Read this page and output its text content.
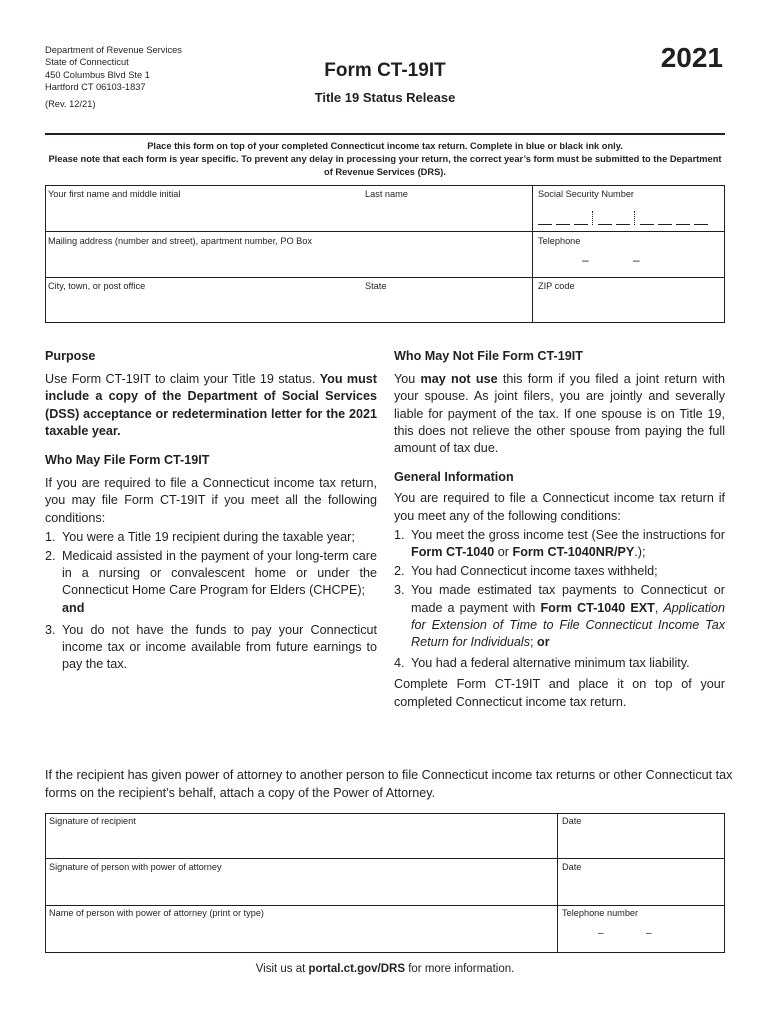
Department of Revenue Services
State of Connecticut
450 Columbus Blvd Ste 1
Hartford CT 06103-1837
(Rev. 12/21)
Form CT-19IT
Title 19 Status Release
2021
Place this form on top of your completed Connecticut income tax return. Complete in blue or black ink only.
Please note that each form is year specific. To prevent any delay in processing your return, the correct year’s form must be submitted to the Department of Revenue Services (DRS).
Your first name and middle initial	Last name	Social Security Number
Mailing address (number and street), apartment number, PO Box	Telephone
–	–
City, town, or post office	State	ZIP code
Purpose

Use Form CT-19IT to claim your Title 19 status. You must include a copy of the Department of Social Services (DSS) acceptance or redetermination letter for the 2021 taxable year.

Who May File Form CT-19IT

If you are required to file a Connecticut income tax return, you may file Form CT-19IT if you meet all the following conditions:

1. You were a Title 19 recipient during the taxable year;
2. Medicaid assisted in the payment of your long-term care in a nursing or convalescent home or under the Connecticut Home Care Program for Elders (CHCPE);
and
3. You do not have the funds to pay your Connecticut income tax or income available from future earnings to pay the tax.
Who May Not File Form CT-19IT

You may not use this form if you filed a joint return with your spouse. As joint filers, you are jointly and severally liable for payment of the tax. If one spouse is on Title 19, this does not relieve the other spouse from paying the full amount of tax due.

General Information

You are required to file a Connecticut income tax return if you meet any of the following conditions:

1. You meet the gross income test (See the instructions for Form CT-1040 or Form CT-1040NR/PY.);
2. You had Connecticut income taxes withheld;
3. You made estimated tax payments to Connecticut or made a payment with Form CT-1040 EXT, Application for Extension of Time to File Connecticut Income Tax Return for Individuals; or
4. You had a federal alternative minimum tax liability.

Complete Form CT-19IT and place it on top of your completed Connecticut income tax return.

If the recipient has given power of attorney to another person to file Connecticut income tax returns or other Connecticut tax forms on the recipient’s behalf, attach a copy of the Power of Attorney.
Signature of recipient	Date
Signature of person with power of attorney	Date
Name of person with power of attorney (print or type)	Telephone number
–	–
Visit us at portal.ct.gov/DRS for more information.
